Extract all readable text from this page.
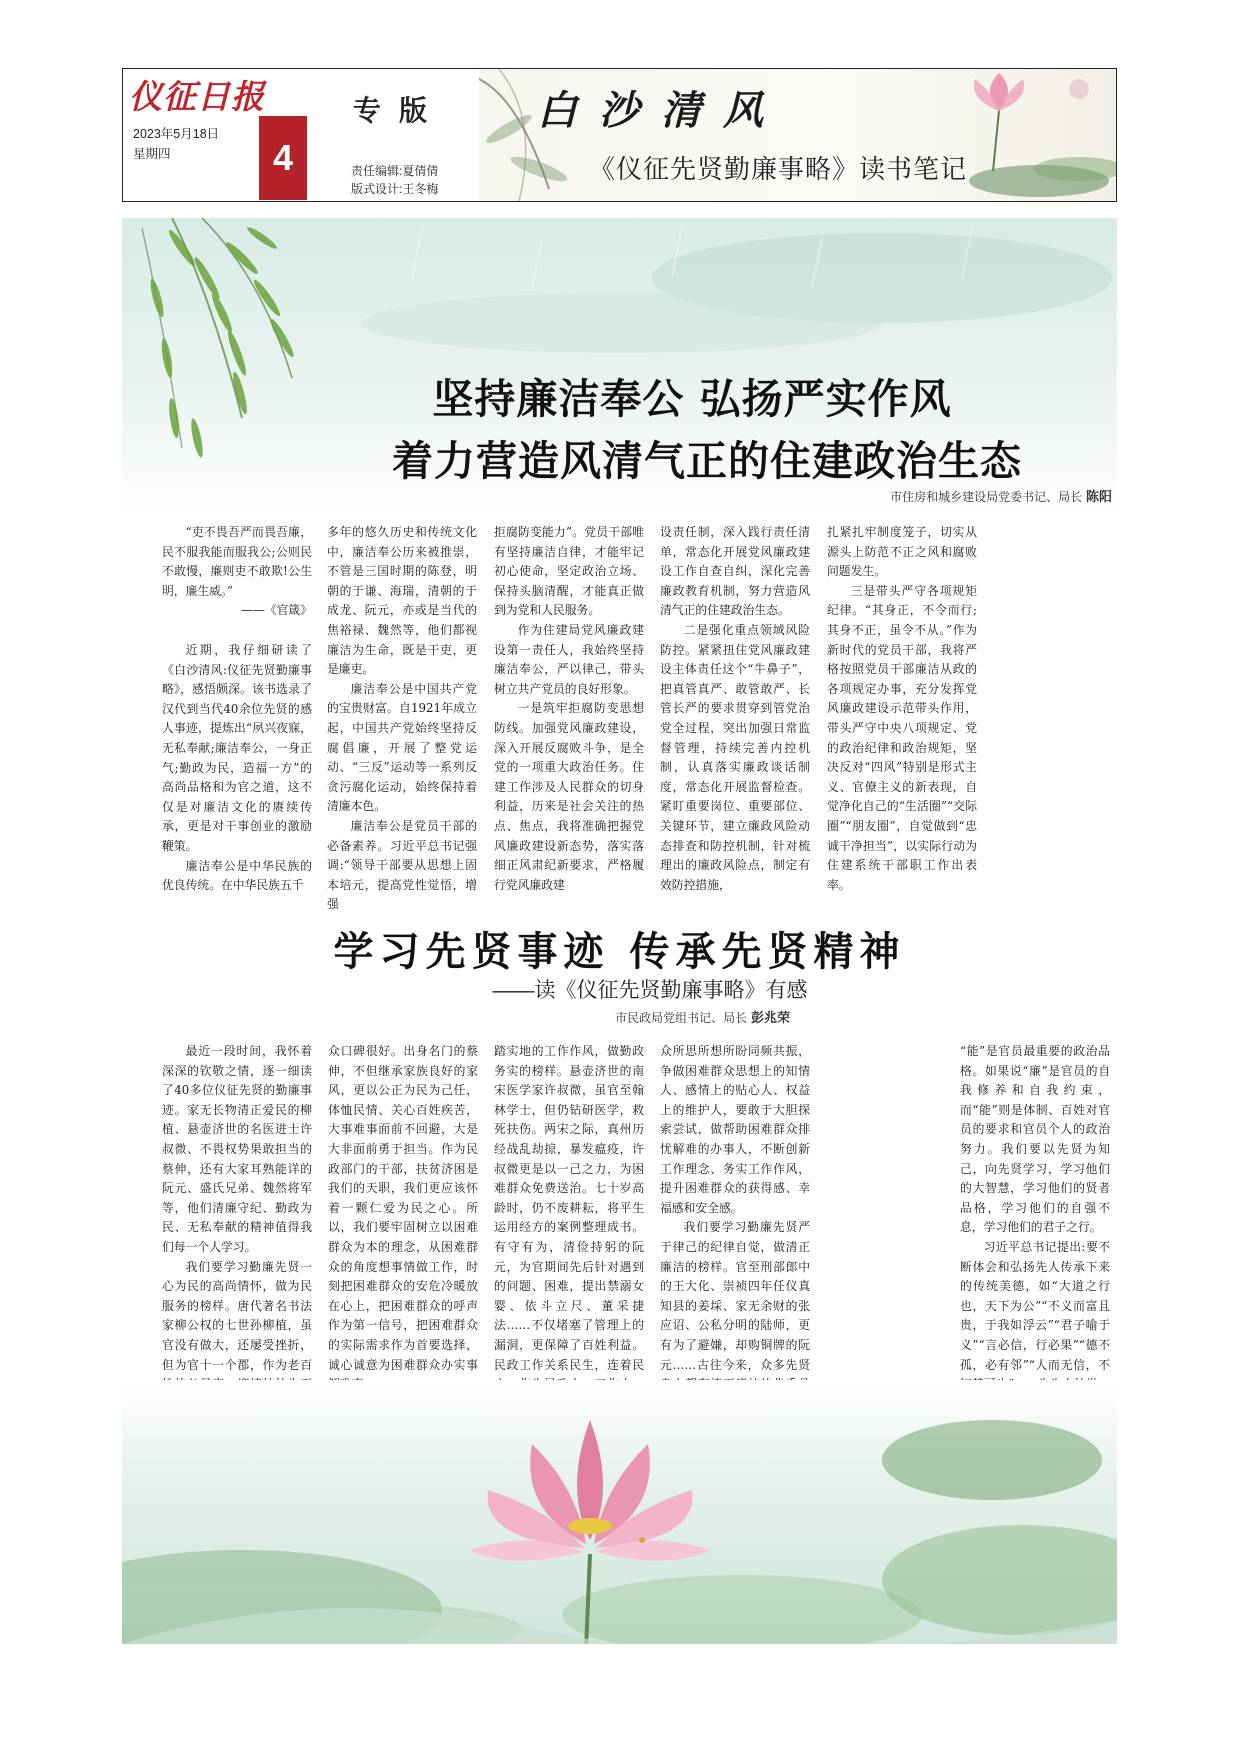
仪征日报
2023年5月18日
星期四	4
专版
责任编辑:夏倩倩
版式设计:王冬梅
白沙清风
《仪征先贤勤廉事略》读书笔记
坚持廉洁奉公 弘扬严实作风
着力营造风清气正的住建政治生态
市住房和城乡建设局党委书记、局长 陈阳

“吏不畏吾严而畏吾廉，民不服我能而服我公;公则民不敢慢，廉则吏不敢欺!公生明，廉生威。”

——《官箴》

近期，我仔细研读了《白沙清风:仪征先贤勤廉事略》，感悟颇深。该书选录了汉代到当代40余位先贤的感人事迹，提炼出“夙兴夜寐，无私奉献;廉洁奉公，一身正气;勤政为民，造福一方”的高尚品格和为官之道，这不仅是对廉洁文化的赓续传承，更是对干事创业的激励鞭策。

廉洁奉公是中华民族的优良传统。在中华民族五千

多年的悠久历史和传统文化中，廉洁奉公历来被推崇，不管是三国时期的陈登，明朝的于谦、海瑞，清朝的于成龙、阮元，亦或是当代的焦裕禄、魏然等，他们都视廉洁为生命，既是干吏，更是廉吏。

廉洁奉公是中国共产党的宝贵财富。自1921年成立起，中国共产党始终坚持反腐倡廉，开展了整党运动、“三反”运动等一系列反贪污腐化运动，始终保持着清廉本色。

廉洁奉公是党员干部的必备素养。习近平总书记强调:“领导干部要从思想上固本培元，提高党性觉悟，增强

拒腐防变能力”。党员干部唯有坚持廉洁自律，才能牢记初心使命，坚定政治立场、保持头脑清醒，才能真正做到为党和人民服务。

作为住建局党风廉政建设第一责任人，我始终坚持廉洁奉公，严以律己，带头树立共产党员的良好形象。

一是筑牢拒腐防变思想防线。加强党风廉政建设，深入开展反腐败斗争，是全党的一项重大政治任务。住建工作涉及人民群众的切身利益，历来是社会关注的热点、焦点，我将准确把握党风廉政建设新态势，落实落细正风肃纪新要求，严格履行党风廉政建

设责任制，深入践行责任清单，常态化开展党风廉政建设工作自查自纠，深化完善廉政教育机制，努力营造风清气正的住建政治生态。

二是强化重点领域风险防控。紧紧扭住党风廉政建设主体责任这个“牛鼻子”，把真管真严、敢管敢严、长管长严的要求贯穿到管党治党全过程，突出加强日常监督管理，持续完善内控机制，认真落实廉政谈话制度，常态化开展监督检查。紧盯重要岗位、重要部位、关键环节，建立廉政风险动态排查和防控机制，针对梳理出的廉政风险点，制定有效防控措施，

扎紧扎牢制度笼子，切实从源头上防范不正之风和腐败问题发生。

三是带头严守各项规矩纪律。“其身正，不令而行;其身不正，虽令不从。”作为新时代的党员干部，我将严格按照党员干部廉洁从政的各项规定办事，充分发挥党风廉政建设示范带头作用，带头严守中央八项规定、党的政治纪律和政治规矩，坚决反对“四风”特别是形式主义、官僚主义的新表现，自觉净化自己的“生活圈”“交际圈”“朋友圈”，自觉做到“忠诚干净担当”，以实际行动为住建系统干部职工作出表率。

学习先贤事迹 传承先贤精神
——读《仪征先贤勤廉事略》有感
市民政局党组书记、局长 彭兆荣

最近一段时间，我怀着深深的钦敬之情，逐一细读了40多位仪征先贤的勤廉事迹。家无长物清正爱民的柳植、悬壶济世的名医进士许叔微、不畏权势果敢担当的蔡伸，还有大家耳熟能详的阮元、盛氏兄弟、魏然将军等，他们清廉守纪、勤政为民、无私奉献的精神值得我们每一个人学习。

我们要学习勤廉先贤一心为民的高尚情怀，做为民服务的榜样。唐代著名书法家柳公权的七世孙柳植，虽官没有做大，还屡受挫折，但为官十一个郡，作为老百

众口碑很好。出身名门的蔡伸，不但继承家族良好的家风，更以公正为民为己任，体恤民情、关心百姓疾苦，大事难事面前不回避，大是大非面前勇于担当。作为民政部门的干部，扶贫济困是我们的天职，我们更应该怀着一颗仁爱为民之心。所以，我们要牢固树立以困难群众为本的理念，从困难群众的角度想事情做工作，时刻把困难群众的安危冷暖放在心上，把困难群众的呼声作为第一信号，把困难群众的实际需求作为首要选择，诚心诚意为困难群众办实事

踏实地的工作作风，做勤政务实的榜样。悬壶济世的南宋医学家许叔微，虽官至翰林学士，但仍钻研医学，救死扶伤。两宋之际，真州历经战乱劫掠，暴发瘟疫，许叔微更是以一己之力，为困难群众免费送治。七十岁高龄时，仍不废耕耘，将平生运用经方的案例整理成书。有守有为，清俭持躬的阮元，为官期间先后针对遇到的问题、困难，提出禁溺女婴、依斗立尺、董采捷法……不仅堵塞了管理上的漏洞，更保障了百姓利益。民政工作关系民生，连着民

众所思所想所盼同频共振，争做困难群众思想上的知情人、感情上的贴心人、权益上的维护人，要敢于大胆探索尝试，做帮助困难群众排忧解难的办事人，不断创新工作理念、务实工作作风，提升困难群众的获得感、幸福感和安全感。

我们要学习勤廉先贤严于律己的纪律自觉，做清正廉洁的榜样。官至刑部郎中的王大化、崇祯四年任仪真知县的姜埰、家无余财的张应诏、公私分明的陆师，更有为了避嫌，却购铜牌的阮元……古往今来，众多先贤

“能”是官员最重要的政治品格。如果说“廉”是官员的自我修养和自我约束，而“能”则是体制、百姓对官员的要求和官员个人的政治努力。我们要以先贤为知己，向先贤学习，学习他们的大智慧，学习他们的贤者品格，学习他们的自强不息，学习他们的君子之行。

习近平总书记提出:要不断体会和弘扬先人传承下来的传统美德，如“大道之行也，天下为公”“不义而富且贵，于我如浮云”“君子喻于义”“言必信，行必果”“德不孤，必有邻”“人而无信，不
